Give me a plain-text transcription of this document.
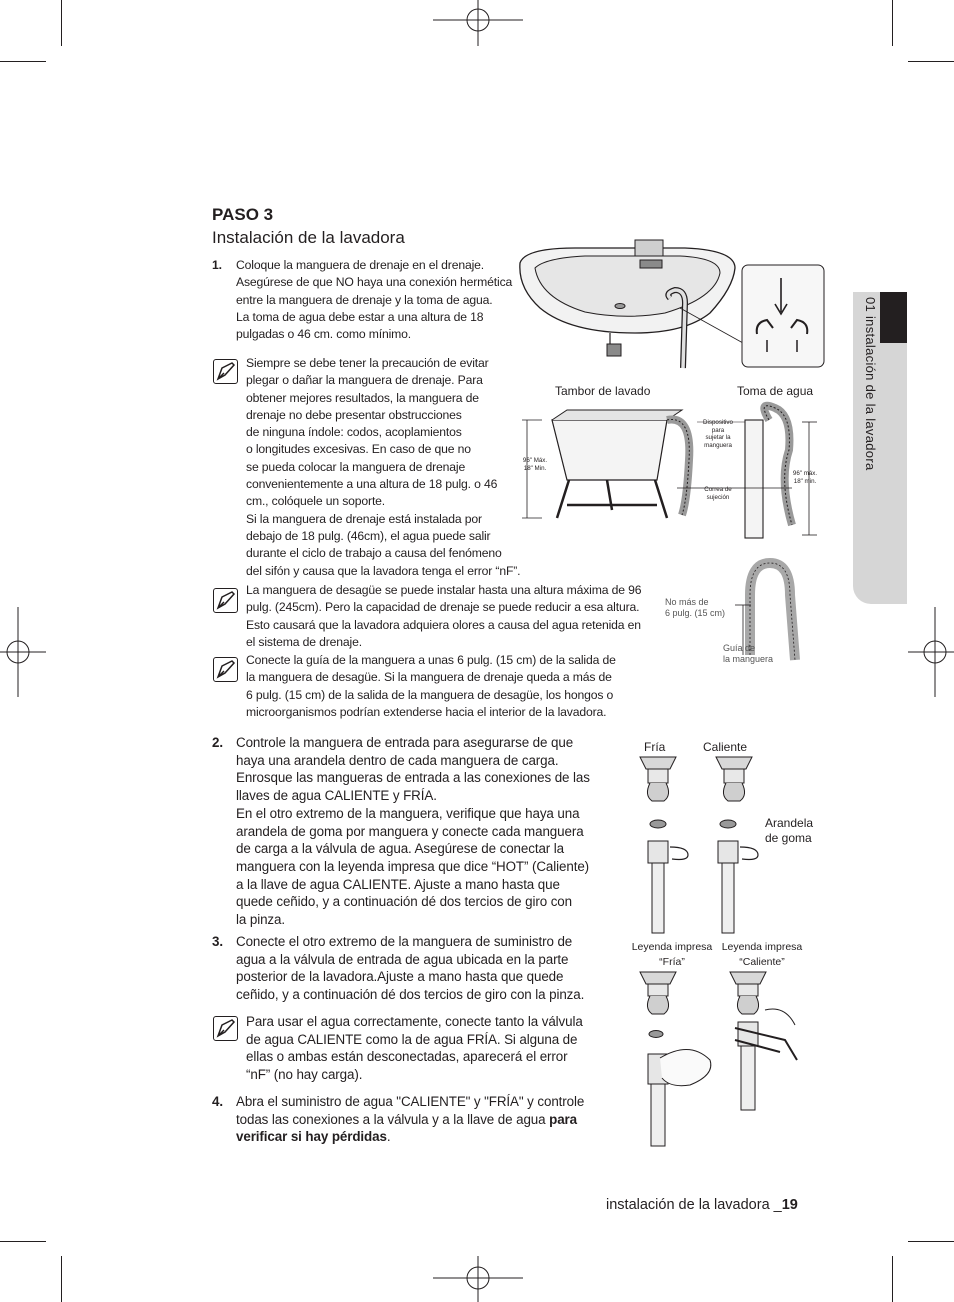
01 instalación de la lavadora
PASO 3
Instalación de la lavadora
1. Coloque la manguera de drenaje en el drenaje.
Asegúrese de que NO haya una conexión hermética
entre la manguera de drenaje y la toma de agua.
La toma de agua debe estar a una altura de 18
pulgadas o 46 cm. como mínimo.
Siempre se debe tener la precaución de evitar
plegar o dañar la manguera de drenaje. Para
obtener mejores resultados, la manguera de
drenaje no debe presentar obstrucciones
de ninguna índole: codos, acoplamientos
o longitudes excesivas. En caso de que no
se pueda colocar la manguera de drenaje
convenientemente a una altura de 18 pulg. o 46
cm., colóquele un soporte.
Si la manguera de drenaje está instalada por
debajo de 18 pulg. (46cm), el agua puede salir
durante el ciclo de trabajo a causa del fenómeno
del sifón y causa que la lavadora tenga el error “nF”.
La manguera de desagüe se puede instalar hasta una altura máxima de 96
pulg. (245cm). Pero la capacidad de drenaje se puede reducir a esa altura.
Esto causará que la lavadora adquiera olores a causa del agua retenida en
el sistema de drenaje.
Conecte la guía de la manguera a unas 6 pulg. (15 cm) de la salida de
la manguera de desagüe. Si la manguera de drenaje queda a más de
6 pulg. (15 cm) de la salida de la manguera de desagüe, los hongos o
microorganismos podrían extenderse hacia el interior de la lavadora.
2. Controle la manguera de entrada para asegurarse de que
haya una arandela dentro de cada manguera de carga.
Enrosque las mangueras de entrada a las conexiones de las
llaves de agua CALIENTE y FRÍA.
En el otro extremo de la manguera, verifique que haya una
arandela de goma por manguera y conecte cada manguera
de carga a la válvula de agua. Asegúrese de conectar la
manguera con la leyenda impresa que dice “HOT” (Caliente)
a la llave de agua CALIENTE. Ajuste a mano hasta que
quede ceñido, y a continuación dé dos tercios de giro con
la pinza.
3. Conecte el otro extremo de la manguera de suministro de
agua a la válvula de entrada de agua ubicada en la parte
posterior de la lavadora.Ajuste a mano hasta que quede
ceñido, y a continuación dé dos tercios de giro con la pinza.
Para usar el agua correctamente, conecte tanto la válvula
de agua CALIENTE como la de agua FRÍA. Si alguna de
ellas o ambas están desconectadas, aparecerá el error
“nF” (no hay carga).
4. Abra el suministro de agua "CALIENTE" y "FRÍA" y controle
todas las conexiones a la válvula y a la llave de agua para
verificar si hay pérdidas.
Tambor de lavado	Toma de agua
96" Máx.
18" Min.
Dispositivo
para
sujetar la
manguera
Correa de
sujeción
96" máx.
18" min.
No más de
6 pulg. (15 cm)
Guía de
la manguera
Fría	Caliente
Arandela
de goma
Leyenda impresa
“Fría”
Leyenda impresa
“Caliente”
instalación de la lavadora _19
